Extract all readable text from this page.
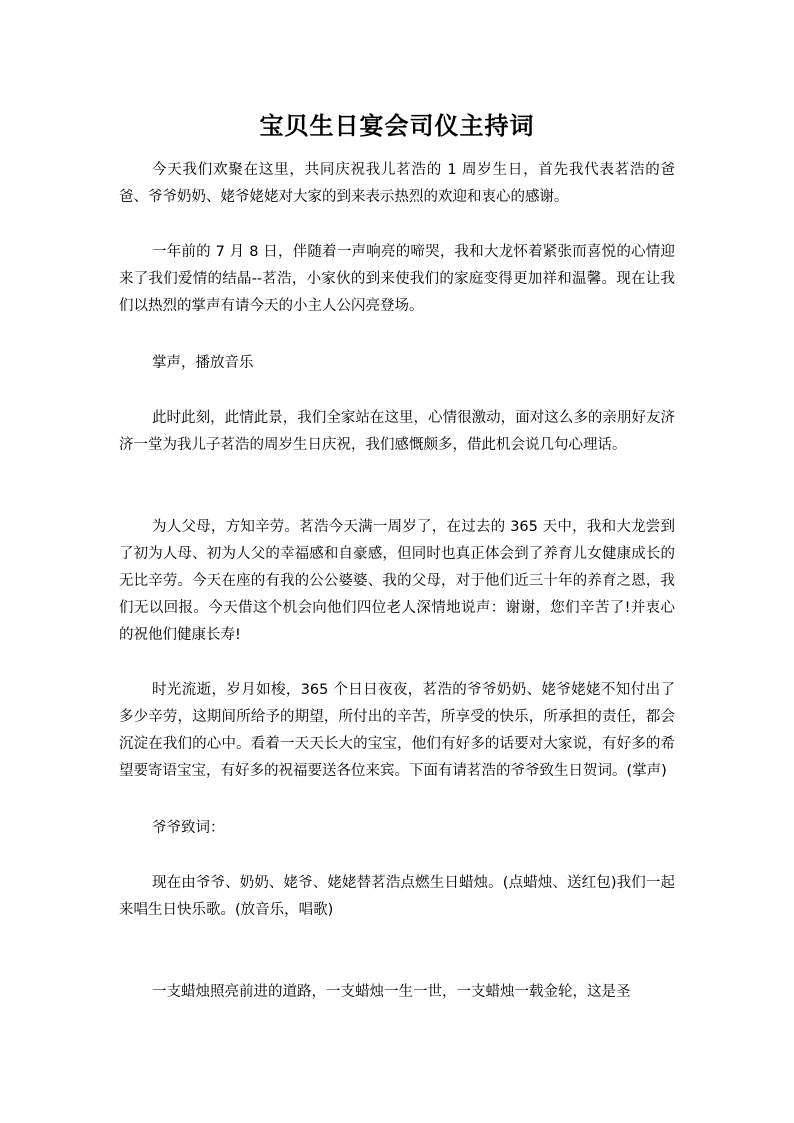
宝贝生日宴会司仪主持词

今天我们欢聚在这里，共同庆祝我儿茗浩的 1 周岁生日，首先我代表茗浩的爸爸、爷爷奶奶、姥爷姥姥对大家的到来表示热烈的欢迎和衷心的感谢。

一年前的 7 月 8 日，伴随着一声响亮的啼哭，我和大龙怀着紧张而喜悦的心情迎来了我们爱情的结晶--茗浩，小家伙的到来使我们的家庭变得更加祥和温馨。现在让我们以热烈的掌声有请今天的小主人公闪亮登场。

掌声，播放音乐

此时此刻，此情此景，我们全家站在这里，心情很激动，面对这么多的亲朋好友济济一堂为我儿子茗浩的周岁生日庆祝，我们感慨颇多，借此机会说几句心理话。

为人父母，方知辛劳。茗浩今天满一周岁了，在过去的 365 天中，我和大龙尝到了初为人母、初为人父的幸福感和自豪感，但同时也真正体会到了养育儿女健康成长的无比辛劳。今天在座的有我的公公婆婆、我的父母，对于他们近三十年的养育之恩，我们无以回报。今天借这个机会向他们四位老人深情地说声：谢谢，您们辛苦了!并衷心的祝他们健康长寿!

时光流逝，岁月如梭，365 个日日夜夜，茗浩的爷爷奶奶、姥爷姥姥不知付出了多少辛劳，这期间所给予的期望，所付出的辛苦，所享受的快乐，所承担的责任，都会沉淀在我们的心中。看着一天天长大的宝宝，他们有好多的话要对大家说，有好多的希望要寄语宝宝，有好多的祝福要送各位来宾。下面有请茗浩的爷爷致生日贺词。(掌声)

爷爷致词：

现在由爷爷、奶奶、姥爷、姥姥替茗浩点燃生日蜡烛。(点蜡烛、送红包)我们一起来唱生日快乐歌。(放音乐，唱歌)

一支蜡烛照亮前进的道路，一支蜡烛一生一世，一支蜡烛一载金轮，这是圣
